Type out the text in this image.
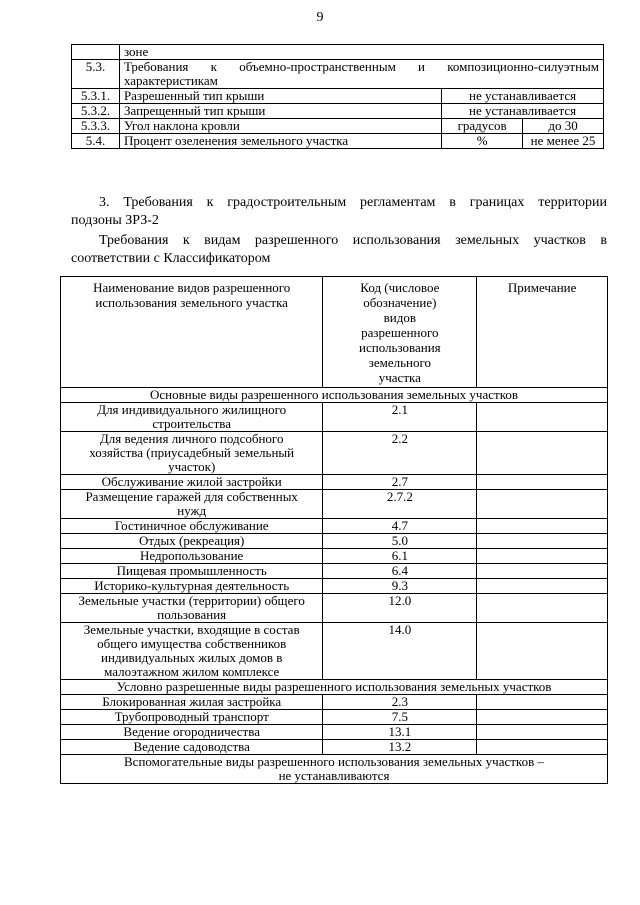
9
	зоне		
5.3.	Требования к объемно-пространственным и композиционно-силуэтным
характеристикам		

5.3.1.	Разрешенный тип крыши	не устанавливается	
5.3.2.	Запрещенный тип крыши	не устанавливается	
5.3.3.	Угол наклона кровли	градусов	до 30
5.4.	Процент озеленения земельного участка	%	не менее 25
3. Требования к градостроительным регламентам в границах территории
подзоны ЗРЗ-2
Требования к видам разрешенного использования земельных участков в
соответствии с Классификатором
Наименование видов разрешенного использования земельного участка	Код (числовое обозначение) видов разрешенного использования земельного участка	Примечание
Основные виды разрешенного использования земельных участков		
Для индивидуального жилищного строительства	2.1	
Для ведения личного подсобного хозяйства (приусадебный земельный участок)	2.2	
Обслуживание жилой застройки	2.7	
Размещение гаражей для собственных нужд	2.7.2	
Гостиничное обслуживание	4.7	
Отдых (рекреация)	5.0	
Недропользование	6.1	
Пищевая промышленность	6.4	
Историко-культурная деятельность	9.3	
Земельные участки (территории) общего пользования	12.0	
Земельные участки, входящие в состав общего имущества собственников индивидуальных жилых домов в малоэтажном жилом комплексе	14.0	
Условно разрешенные виды разрешенного использования земельных участков		
Блокированная жилая застройка	2.3	
Трубопроводный транспорт	7.5	
Ведение огородничества	13.1	
Ведение садоводства	13.2	

Вспомогательные виды разрешенного использования земельных участков –
не устанавливаются		
